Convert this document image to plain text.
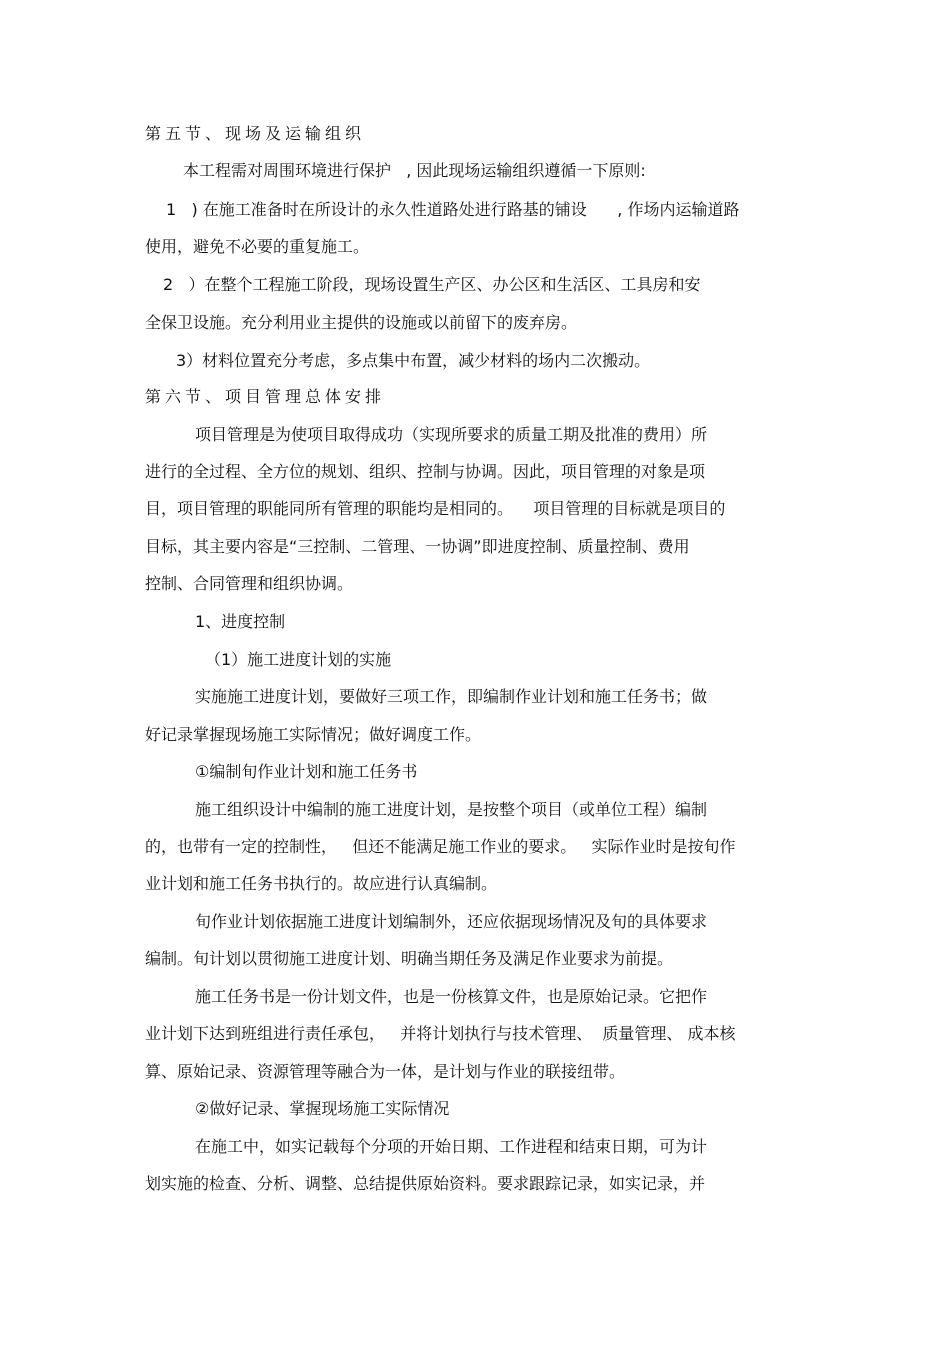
第五节、现场及运输组织

本工程需对周围环境进行保护   , 因此现场运输组织遵循一下原则:

1   ) 在施工准备时在所设计的永久性道路处进行路基的铺设      , 作场内运输道路

使用，避免不必要的重复施工。

2   ）在整个工程施工阶段，现场设置生产区、办公区和生活区、工具房和安

全保卫设施。充分利用业主提供的设施或以前留下的废弃房。

3）材料位置充分考虑，多点集中布置，减少材料的场内二次搬动。

第六节、项目管理总体安排

项目管理是为使项目取得成功（实现所要求的质量工期及批准的费用）所

进行的全过程、全方位的规划、组织、控制与协调。因此，项目管理的对象是项

目，项目管理的职能同所有管理的职能均是相同的。    项目管理的目标就是项目的

目标，其主要内容是“三控制、二管理、一协调”即进度控制、质量控制、费用

控制、合同管理和组织协调。

1、进度控制

（1）施工进度计划的实施

实施施工进度计划，要做好三项工作，即编制作业计划和施工任务书；做

好记录掌握现场施工实际情况；做好调度工作。

①编制旬作业计划和施工任务书

施工组织设计中编制的施工进度计划，是按整个项目（或单位工程）编制

的，也带有一定的控制性，   但还不能满足施工作业的要求。   实际作业时是按旬作

业计划和施工任务书执行的。故应进行认真编制。

旬作业计划依据施工进度计划编制外，还应依据现场情况及旬的具体要求

编制。旬计划以贯彻施工进度计划、明确当期任务及满足作业要求为前提。

施工任务书是一份计划文件，也是一份核算文件，也是原始记录。它把作

业计划下达到班组进行责任承包，   并将计划执行与技术管理、  质量管理、 成本核

算、原始记录、资源管理等融合为一体，是计划与作业的联接纽带。

②做好记录、掌握现场施工实际情况

在施工中，如实记载每个分项的开始日期、工作进程和结束日期，可为计

划实施的检查、分析、调整、总结提供原始资料。要求跟踪记录，如实记录，并
